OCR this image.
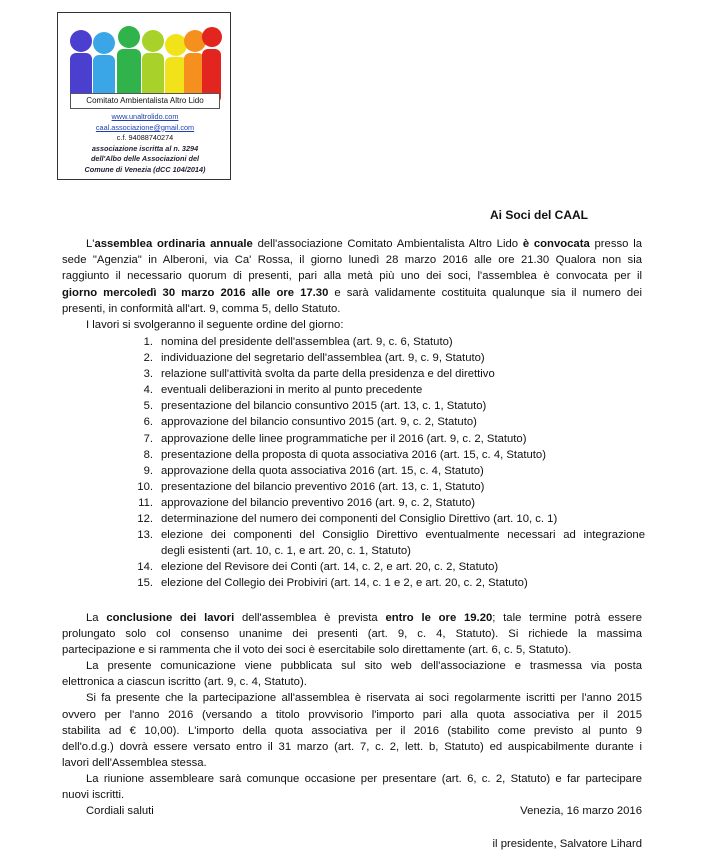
Comitato Ambientalista Altro Lido
www.unaltrolido.com
caal.associazione@gmail.com
c.f. 94088740274
associazione iscritta al n. 3294
dell'Albo delle Associazioni del
Comune di Venezia (dCC 104/2014)
Ai Soci del CAAL
L'assemblea ordinaria annuale dell'associazione Comitato Ambientalista Altro Lido è convocata presso la
sede "Agenzia" in Alberoni, via Ca' Rossa, il giorno lunedì 28 marzo 2016 alle ore 21.30 Qualora non sia
raggiunto il necessario quorum di presenti, pari alla metà più uno dei soci, l'assemblea è convocata per il
giorno mercoledì 30 marzo 2016 alle ore 17.30 e sarà validamente costituita qualunque sia il numero dei
presenti, in conformità all'art. 9, comma 5, dello Statuto.
I lavori si svolgeranno il seguente ordine del giorno:
1. nomina del presidente dell'assemblea (art. 9, c. 6, Statuto)
2. individuazione del segretario dell'assemblea (art. 9, c. 9, Statuto)
3. relazione sull'attività svolta da parte della presidenza e del direttivo
4. eventuali deliberazioni in merito al punto precedente
5. presentazione del bilancio consuntivo 2015 (art. 13, c. 1, Statuto)
6. approvazione del bilancio consuntivo 2015 (art. 9, c. 2, Statuto)
7. approvazione delle linee programmatiche per il 2016 (art. 9, c. 2, Statuto)
8. presentazione della proposta di quota associativa 2016 (art. 15, c. 4, Statuto)
9. approvazione della quota associativa 2016 (art. 15, c. 4, Statuto)
10. presentazione del bilancio preventivo 2016 (art. 13, c. 1, Statuto)
11. approvazione del bilancio preventivo 2016 (art. 9, c. 2, Statuto)
12. determinazione del numero dei componenti del Consiglio Direttivo (art. 10, c. 1)
13. elezione dei componenti del Consiglio Direttivo eventualmente necessari ad integrazione
degli esistenti (art. 10, c. 1, e art. 20, c. 1, Statuto)
14. elezione del Revisore dei Conti (art. 14, c. 2, e art. 20, c. 2, Statuto)
15. elezione del Collegio dei Probiviri (art. 14, c. 1 e 2, e art. 20, c. 2, Statuto)
La conclusione dei lavori dell'assemblea è prevista entro le ore 19.20; tale termine potrà essere
prolungato solo col consenso unanime dei presenti (art. 9, c. 4, Statuto). Si richiede la massima
partecipazione e si rammenta che il voto dei soci è esercitabile solo direttamente (art. 6, c. 5, Statuto).
La presente comunicazione viene pubblicata sul sito web dell'associazione e trasmessa via posta
elettronica a ciascun iscritto (art. 9, c. 4, Statuto).
Si fa presente che la partecipazione all'assemblea è riservata ai soci regolarmente iscritti per l'anno 2015
ovvero per l'anno 2016 (versando a titolo provvisorio l'importo pari alla quota associativa per il 2015
stabilita ad € 10,00). L'importo della quota associativa per il 2016 (stabilito come previsto al punto 9
dell'o.d.g.) dovrà essere versato entro il 31 marzo (art. 7, c. 2, lett. b, Statuto) ed auspicabilmente durante i
lavori dell'Assemblea stessa.
La riunione assembleare sarà comunque occasione per presentare (art. 6, c. 2, Statuto) e far partecipare
nuovi iscritti.
Cordiali saluti	Venezia, 16 marzo 2016
il presidente, Salvatore Lihard
